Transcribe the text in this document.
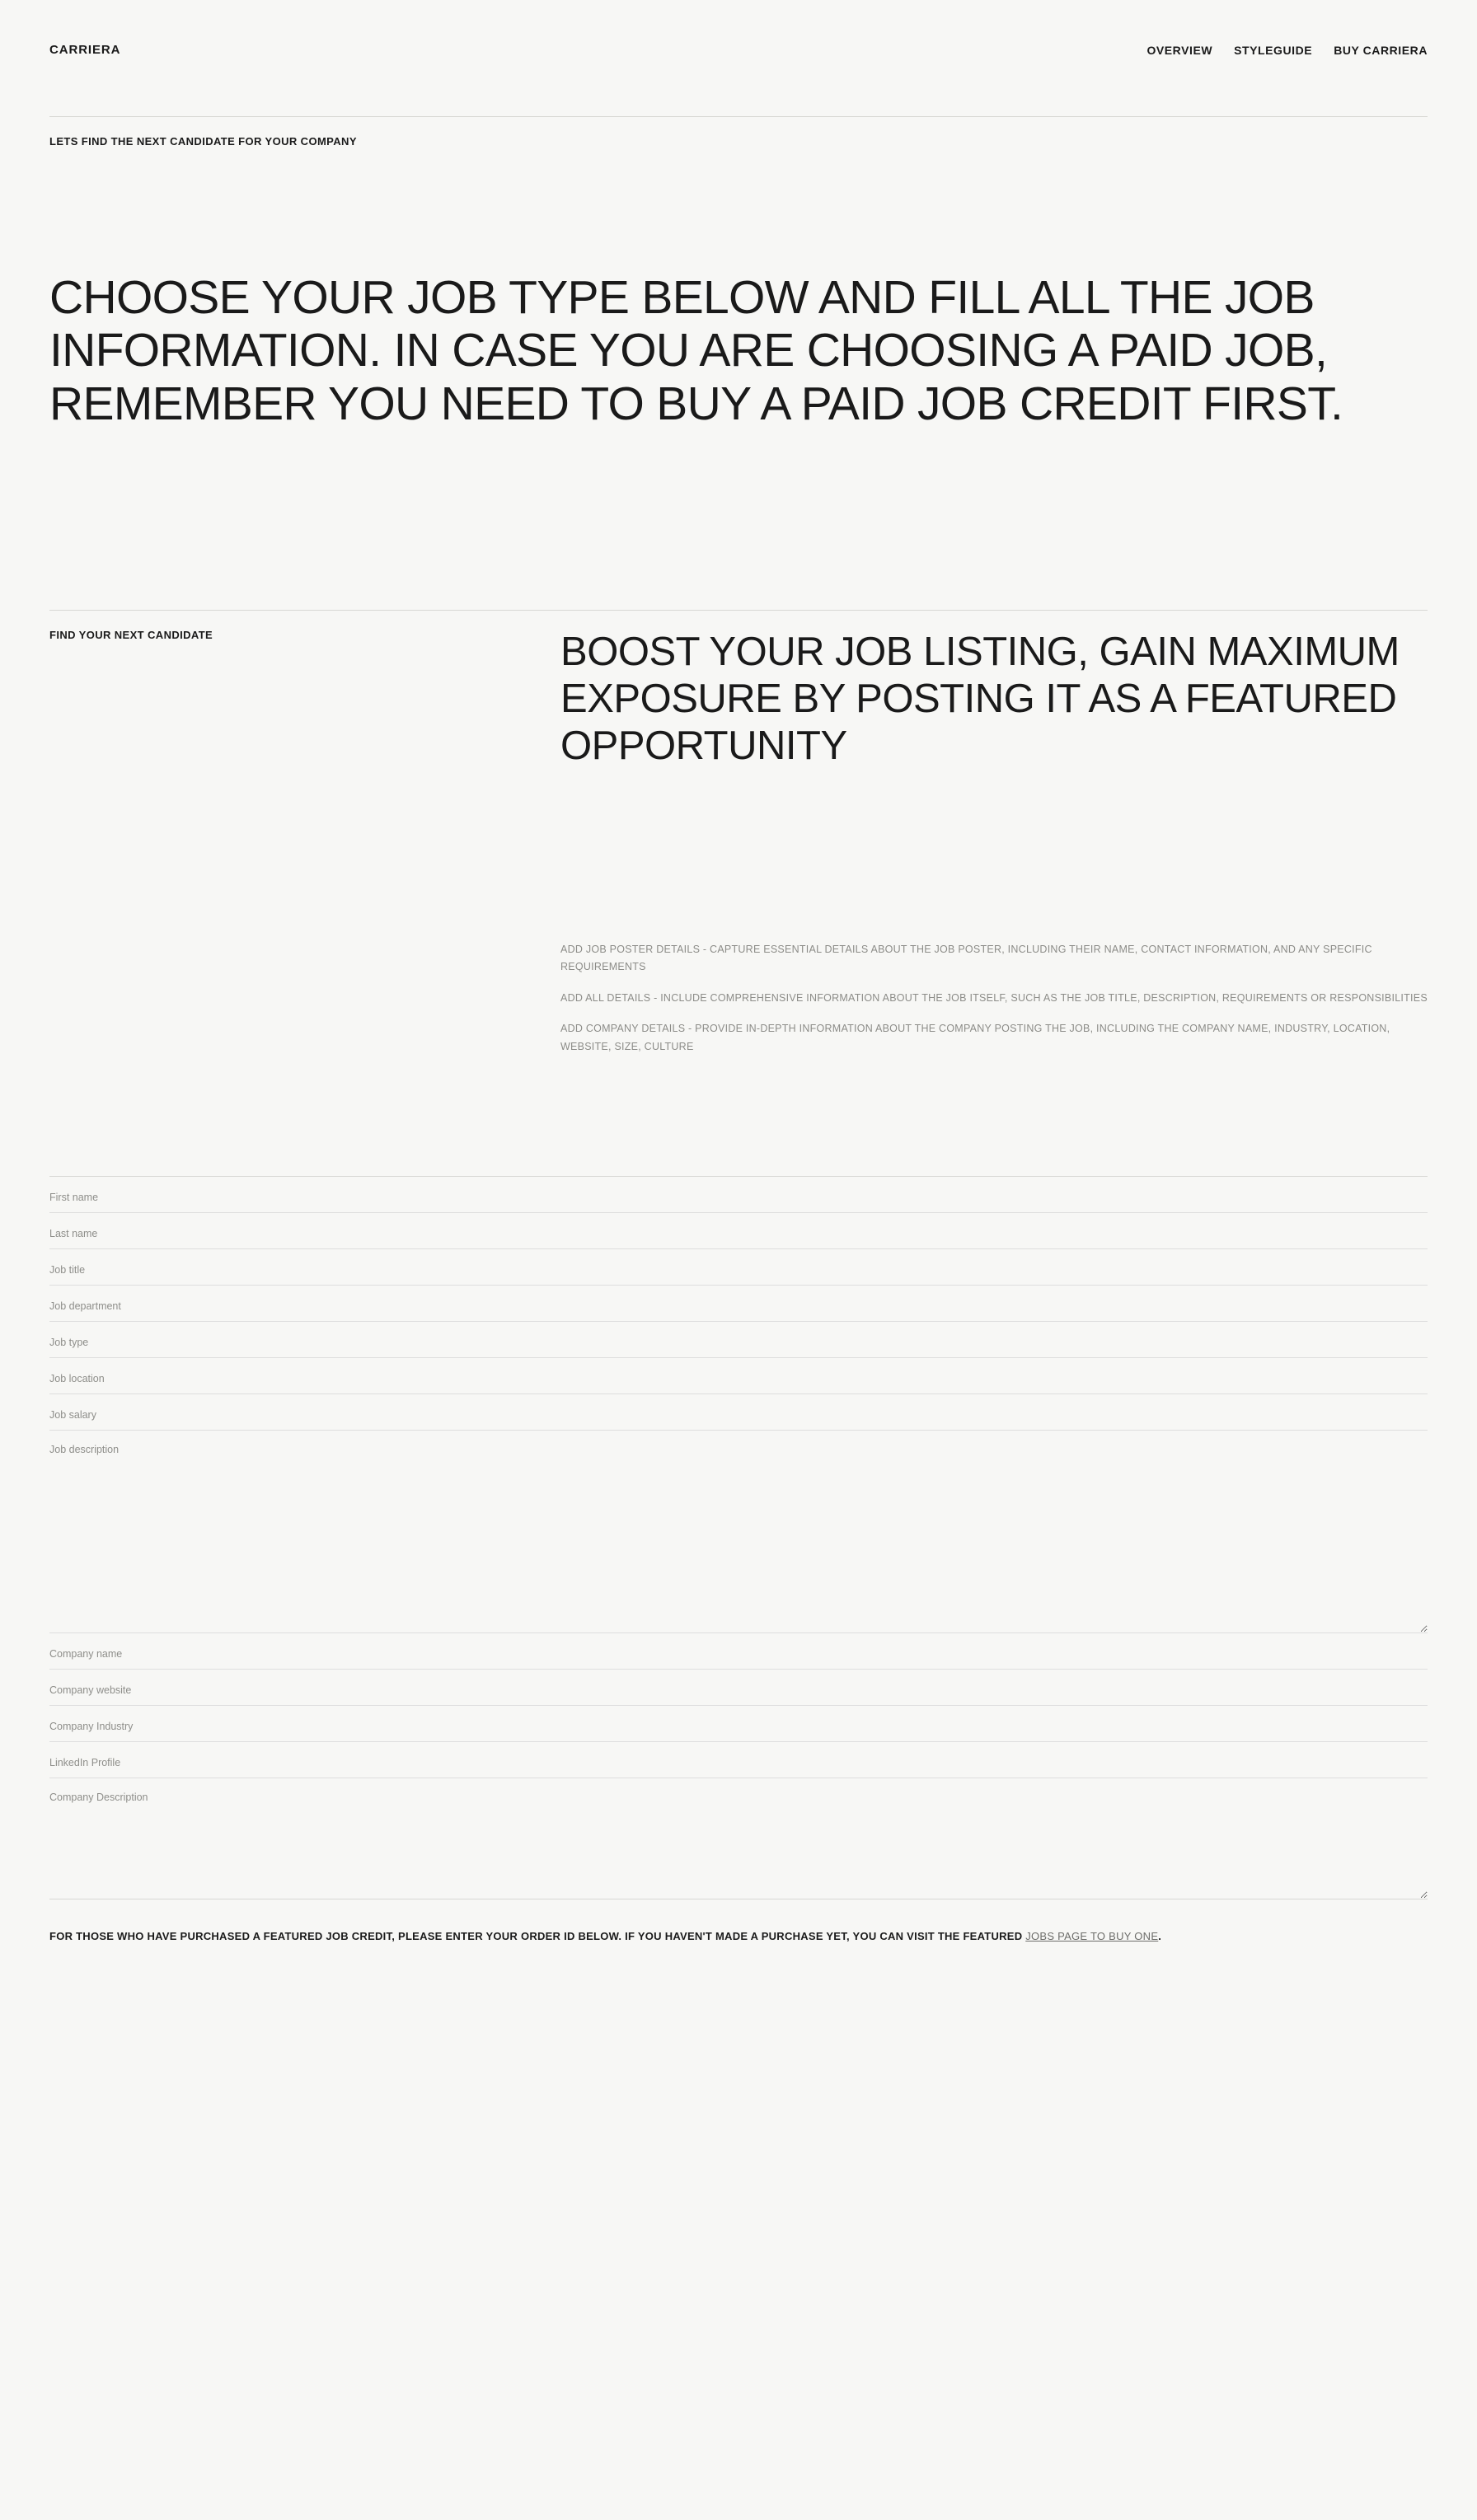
CARRIERA	OVERVIEW STYLEGUIDE BUY CARRIERA
LETS FIND THE NEXT CANDIDATE FOR YOUR COMPANY
CHOOSE YOUR JOB TYPE BELOW AND FILL ALL THE JOB INFORMATION. IN CASE YOU ARE CHOOSING A PAID JOB, REMEMBER YOU NEED TO BUY A PAID JOB CREDIT FIRST.
FIND YOUR NEXT CANDIDATE	BOOST YOUR JOB LISTING, GAIN MAXIMUM EXPOSURE BY POSTING IT AS A FEATURED OPPORTUNITY
ADD JOB POSTER DETAILS - CAPTURE ESSENTIAL DETAILS ABOUT THE JOB POSTER, INCLUDING THEIR NAME, CONTACT INFORMATION, AND ANY SPECIFIC REQUIREMENTS
ADD ALL DETAILS - INCLUDE COMPREHENSIVE INFORMATION ABOUT THE JOB ITSELF, SUCH AS THE JOB TITLE, DESCRIPTION, REQUIREMENTS OR RESPONSIBILITIES
ADD COMPANY DETAILS - PROVIDE IN-DEPTH INFORMATION ABOUT THE COMPANY POSTING THE JOB, INCLUDING THE COMPANY NAME, INDUSTRY, LOCATION, WEBSITE, SIZE, CULTURE
First name
Last name
Job title
Job department
Job type
Job location
Job salary
Job description
Company name
Company website
Company Industry
LinkedIn Profile
Company Description
FOR THOSE WHO HAVE PURCHASED A FEATURED JOB CREDIT, PLEASE ENTER YOUR ORDER ID BELOW. IF YOU HAVEN'T MADE A PURCHASE YET, YOU CAN VISIT THE FEATURED JOBS PAGE TO BUY ONE.
